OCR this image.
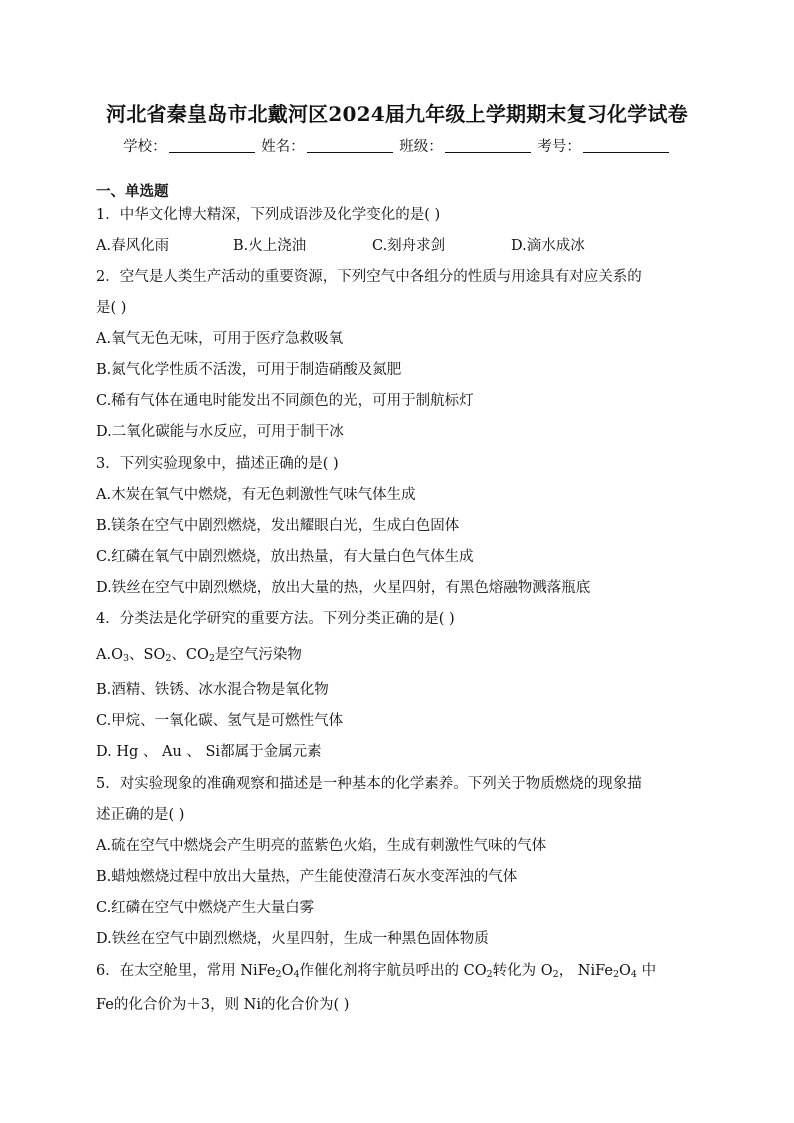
河北省秦皇岛市北戴河区2024届九年级上学期期末复习化学试卷
学校：	姓名：	班级：	考号：
一、单选题
1．中华文化博大精深，下列成语涉及化学变化的是( )
A.春风化雨	B.火上浇油	C.刻舟求剑	D.滴水成冰
2．空气是人类生产活动的重要资源，下列空气中各组分的性质与用途具有对应关系的
是( )
A.氧气无色无味，可用于医疗急救吸氧
B.氮气化学性质不活泼，可用于制造硝酸及氮肥
C.稀有气体在通电时能发出不同颜色的光，可用于制航标灯
D.二氧化碳能与水反应，可用于制干冰
3．下列实验现象中，描述正确的是( )
A.木炭在氧气中燃烧，有无色刺激性气味气体生成
B.镁条在空气中剧烈燃烧，发出耀眼白光，生成白色固体
C.红磷在氧气中剧烈燃烧，放出热量，有大量白色气体生成
D.铁丝在空气中剧烈燃烧，放出大量的热，火星四射，有黑色熔融物溅落瓶底
4．分类法是化学研究的重要方法。下列分类正确的是( )
$A.O_3$、$SO_2$、$CO_2$是空气污染物
B.酒精、铁锈、冰水混合物是氧化物
C.甲烷、一氧化碳、氢气是可燃性气体
D. Hg 、 Au 、 Si都属于金属元素
5．对实验现象的准确观察和描述是一种基本的化学素养。下列关于物质燃烧的现象描
述正确的是( )
A.硫在空气中燃烧会产生明亮的蓝紫色火焰，生成有刺激性气味的气体
B.蜡烛燃烧过程中放出大量热，产生能使澄清石灰水变浑浊的气体
C.红磷在空气中燃烧产生大量白雾
D.铁丝在空气中剧烈燃烧，火星四射，生成一种黑色固体物质
6．在太空舱里，常用 $NiFe_2O_4$作催化剂将宇航员呼出的 $CO_2$转化为 $O_2$， $NiFe_2O_4$ 中
Fe的化合价为＋3，则 Ni的化合价为( )
